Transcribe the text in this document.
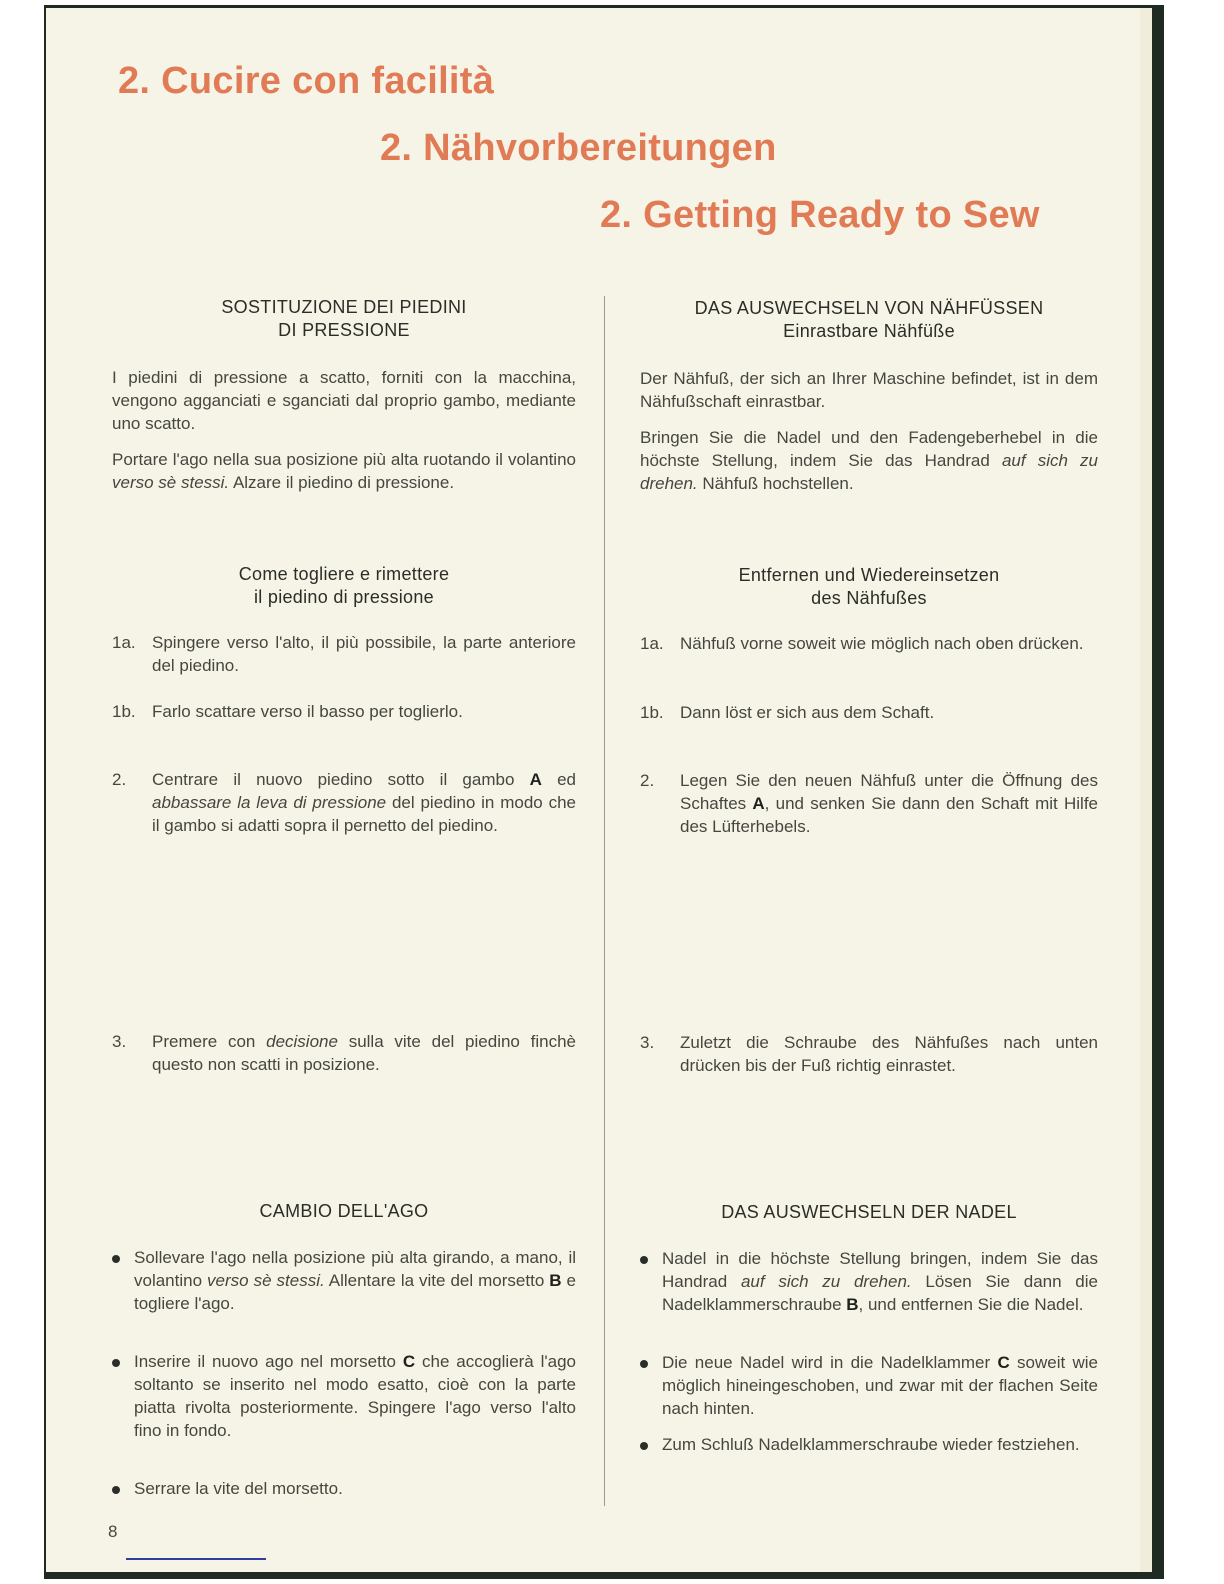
2. Cucire con facilità
2. Nähvorbereitungen
2. Getting Ready to Sew
SOSTITUZIONE DEI PIEDINI
DI PRESSIONE

I piedini di pressione a scatto, forniti con la macchina, vengono agganciati e sganciati dal proprio gambo, mediante uno scatto.

Portare l'ago nella sua posizione più alta ruotando il volantino verso sè stessi. Alzare il piedino di pressione.

Come togliere e rimettere
il piedino di pressione
1a. Spingere verso l'alto, il più possibile, la parte anteriore del piedino.
1b. Farlo scattare verso il basso per toglierlo.
2. Centrare il nuovo piedino sotto il gambo A ed abbassare la leva di pressione del piedino in modo che il gambo si adatti sopra il pernetto del piedino.
3. Premere con decisione sulla vite del piedino finchè questo non scatti in posizione.
CAMBIO DELL'AGO
Sollevare l'ago nella posizione più alta girando, a mano, il volantino verso sè stessi. Allentare la vite del morsetto B e togliere l'ago.
Inserire il nuovo ago nel morsetto C che accoglierà l'ago soltanto se inserito nel modo esatto, cioè con la parte piatta rivolta posteriormente. Spingere l'ago verso l'alto fino in fondo.
Serrare la vite del morsetto.
DAS AUSWECHSELN VON NÄHFÜSSEN
Einrastbare Nähfüße

Der Nähfuß, der sich an Ihrer Maschine befindet, ist in dem Nähfußschaft einrastbar.

Bringen Sie die Nadel und den Fadengeberhebel in die höchste Stellung, indem Sie das Handrad auf sich zu drehen. Nähfuß hochstellen.

Entfernen und Wiedereinsetzen
des Nähfußes
1a. Nähfuß vorne soweit wie möglich nach oben drücken.
1b. Dann löst er sich aus dem Schaft.
2. Legen Sie den neuen Nähfuß unter die Öffnung des Schaftes A, und senken Sie dann den Schaft mit Hilfe des Lüfterhebels.
3. Zuletzt die Schraube des Nähfußes nach unten drücken bis der Fuß richtig einrastet.
DAS AUSWECHSELN DER NADEL
Nadel in die höchste Stellung bringen, indem Sie das Handrad auf sich zu drehen. Lösen Sie dann die Nadelklammerschraube B, und entfernen Sie die Nadel.
Die neue Nadel wird in die Nadelklammer C soweit wie möglich hineingeschoben, und zwar mit der flachen Seite nach hinten.
Zum Schluß Nadelklammerschraube wieder festziehen.
8
